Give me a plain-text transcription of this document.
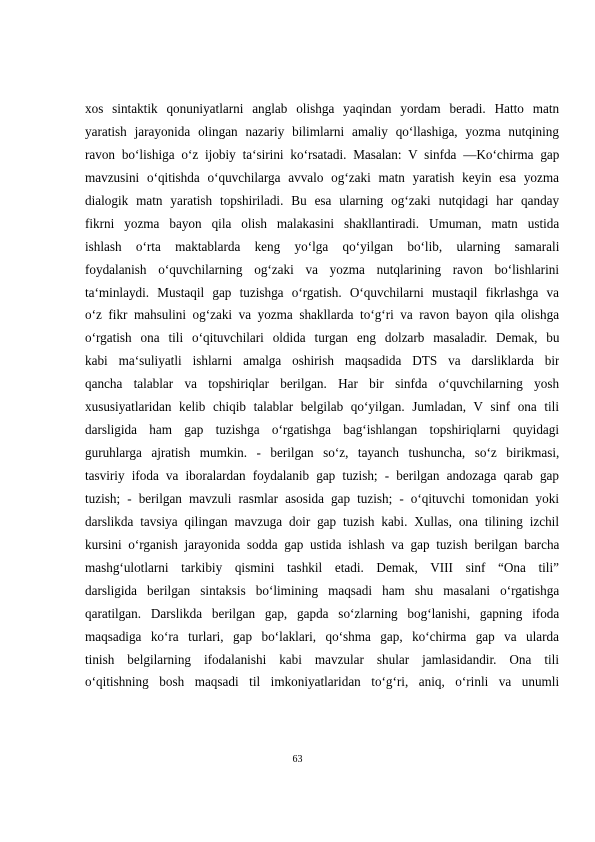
xos sintaktik qonuniyatlarni anglab olishga yaqindan yordam beradi. Hatto matn
yaratish jarayonida olingan nazariy bilimlarni amaliy qo‘llashiga, yozma nutqining
ravon bo‘lishiga o‘z ijobiy ta‘sirini ko‘rsatadi. Masalan: V sinfda —Ko‘chirma gap
mavzusini o‘qitishda o‘quvchilarga avvalo og‘zaki matn yaratish keyin esa yozma
dialogik matn yaratish topshiriladi. Bu esa ularning og‘zaki nutqidagi har qanday
fikrni yozma bayon qila olish malakasini shakllantiradi. Umuman, matn ustida
ishlash o‘rta maktablarda keng yo‘lga qo‘yilgan bo‘lib, ularning samarali
foydalanish o‘quvchilarning og‘zaki va yozma nutqlarining ravon bo‘lishlarini
ta‘minlaydi. Mustaqil gap tuzishga o‘rgatish. O‘quvchilarni mustaqil fikrlashga va
o‘z fikr mahsulini og‘zaki va yozma shakllarda to‘g‘ri va ravon bayon qila olishga
o‘rgatish ona tili o‘qituvchilari oldida turgan eng dolzarb masaladir. Demak, bu
kabi ma‘suliyatli ishlarni amalga oshirish maqsadida DTS va darsliklarda bir
qancha talablar va topshiriqlar berilgan. Har bir sinfda o‘quvchilarning yosh
xususiyatlaridan kelib chiqib talablar belgilab qo‘yilgan. Jumladan, V sinf ona tili
darsligida ham gap tuzishga o‘rgatishga bag‘ishlangan topshiriqlarni quyidagi
guruhlarga ajratish mumkin. - berilgan so‘z, tayanch tushuncha, so‘z birikmasi,
tasviriy ifoda va iboralardan foydalanib gap tuzish; - berilgan andozaga qarab gap
tuzish; - berilgan mavzuli rasmlar asosida gap tuzish; - o‘qituvchi tomonidan yoki
darslikda tavsiya qilingan mavzuga doir gap tuzish kabi. Xullas, ona tilining izchil
kursini o‘rganish jarayonida sodda gap ustida ishlash va gap tuzish berilgan barcha
mashg‘ulotlarni tarkibiy qismini tashkil etadi. Demak, VIII sinf “Ona tili”
darsligida berilgan sintaksis bo‘limining maqsadi ham shu masalani o‘rgatishga
qaratilgan. Darslikda berilgan gap, gapda so‘zlarning bog‘lanishi, gapning ifoda
maqsadiga ko‘ra turlari, gap bo‘laklari, qo‘shma gap, ko‘chirma gap va ularda
tinish belgilarning ifodalanishi kabi mavzular shular jamlasidandir. Ona tili
o‘qitishning bosh maqsadi til imkoniyatlaridan to‘g‘ri, aniq, o‘rinli va unumli
63
